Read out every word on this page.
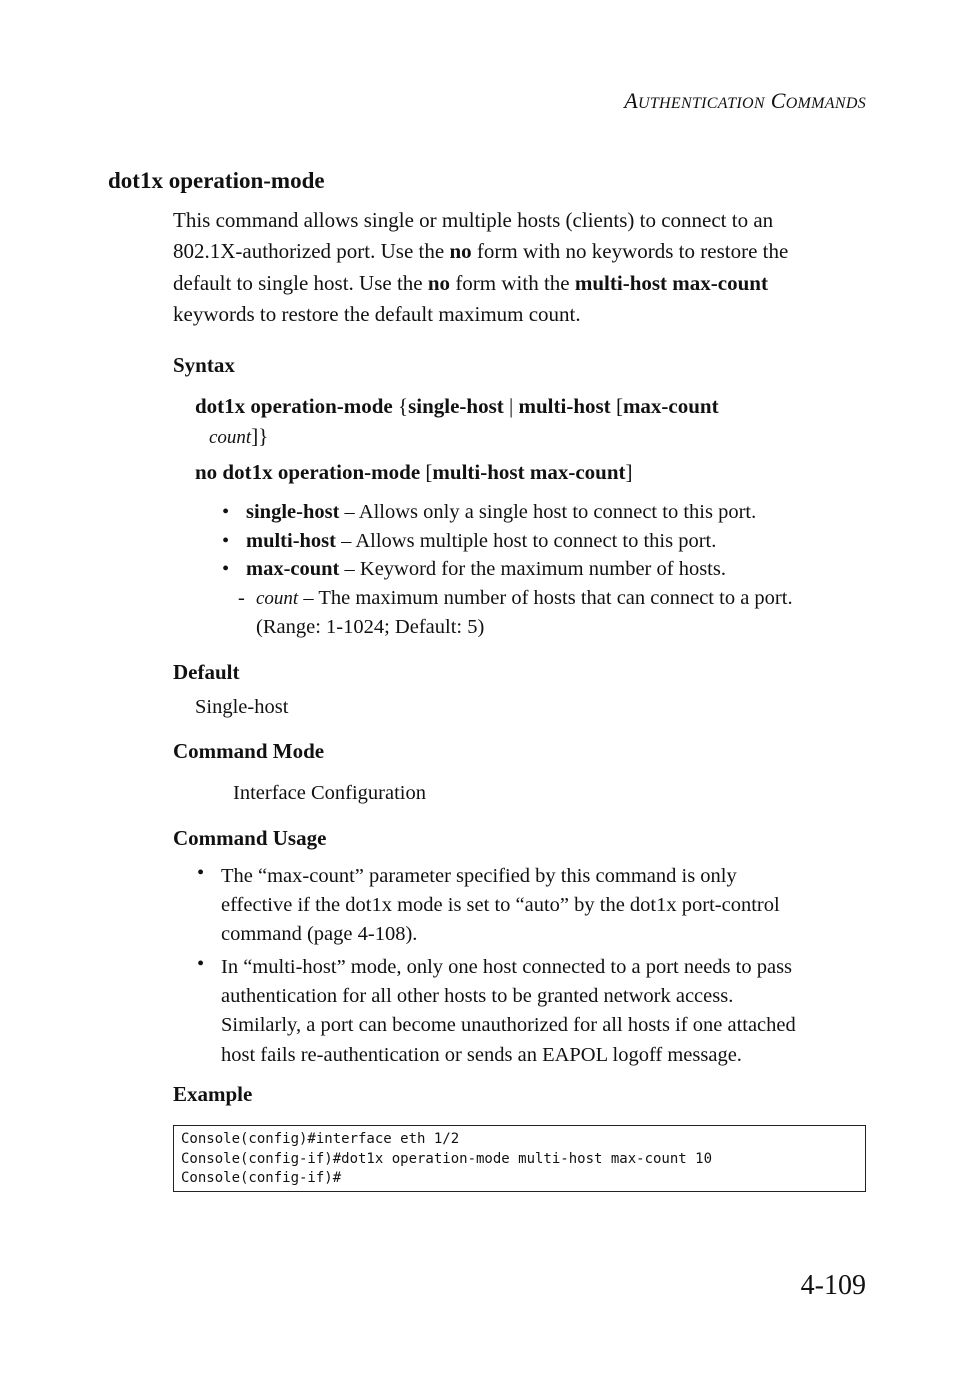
AUTHENTICATION COMMANDS
dot1x operation-mode
This command allows single or multiple hosts (clients) to connect to an
802.1X-authorized port. Use the no form with no keywords to restore the
default to single host. Use the no form with the multi-host max-count
keywords to restore the default maximum count.
Syntax
dot1x operation-mode {single-host | multi-host [max-count
count]}
no dot1x operation-mode [multi-host max-count]
• single-host – Allows only a single host to connect to this port.
• multi-host – Allows multiple host to connect to this port.
• max-count – Keyword for the maximum number of hosts.
- count – The maximum number of hosts that can connect to a port.
(Range: 1-1024; Default: 5)
Default
Single-host
Command Mode
Interface Configuration
Command Usage
• The “max-count” parameter specified by this command is only
effective if the dot1x mode is set to “auto” by the dot1x port-control
command (page 4-108).
• In “multi-host” mode, only one host connected to a port needs to pass
authentication for all other hosts to be granted network access.
Similarly, a port can become unauthorized for all hosts if one attached
host fails re-authentication or sends an EAPOL logoff message.
Example
Console(config)#interface eth 1/2
Console(config-if)#dot1x operation-mode multi-host max-count 10
Console(config-if)#
4-109
